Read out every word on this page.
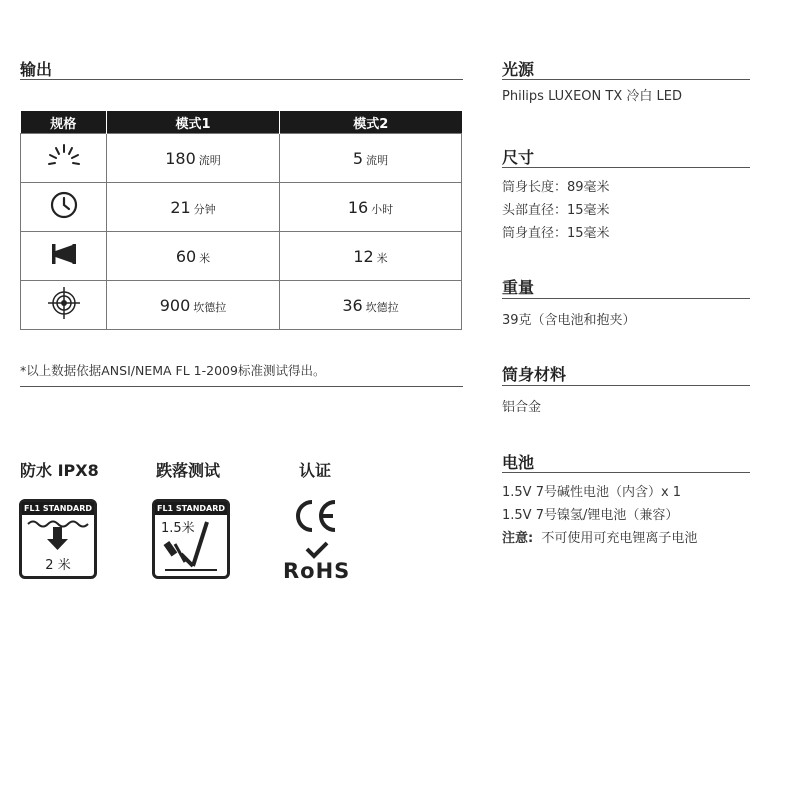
输出
规格	模式1	模式2
	180 流明	5 流明
	21 分钟	16 小时
	60 米	12 米
	900 坎德拉	36 坎德拉
*以上数据依据ANSI/NEMA FL 1-2009标准测试得出。
防水 IPX8	跌落测试	认证
FL1 STANDARD
2 米
FL1 STANDARD
1.5米
RoHS
光源
Philips LUXEON TX 冷白 LED
尺寸
筒身长度：89毫米
头部直径：15毫米
筒身直径：15毫米
重量
39克（含电池和抱夹）
筒身材料
铝合金
电池
1.5V 7号碱性电池（内含）x 1
1.5V 7号镍氢/锂电池（兼容）
注意: 不可使用可充电锂离子电池
